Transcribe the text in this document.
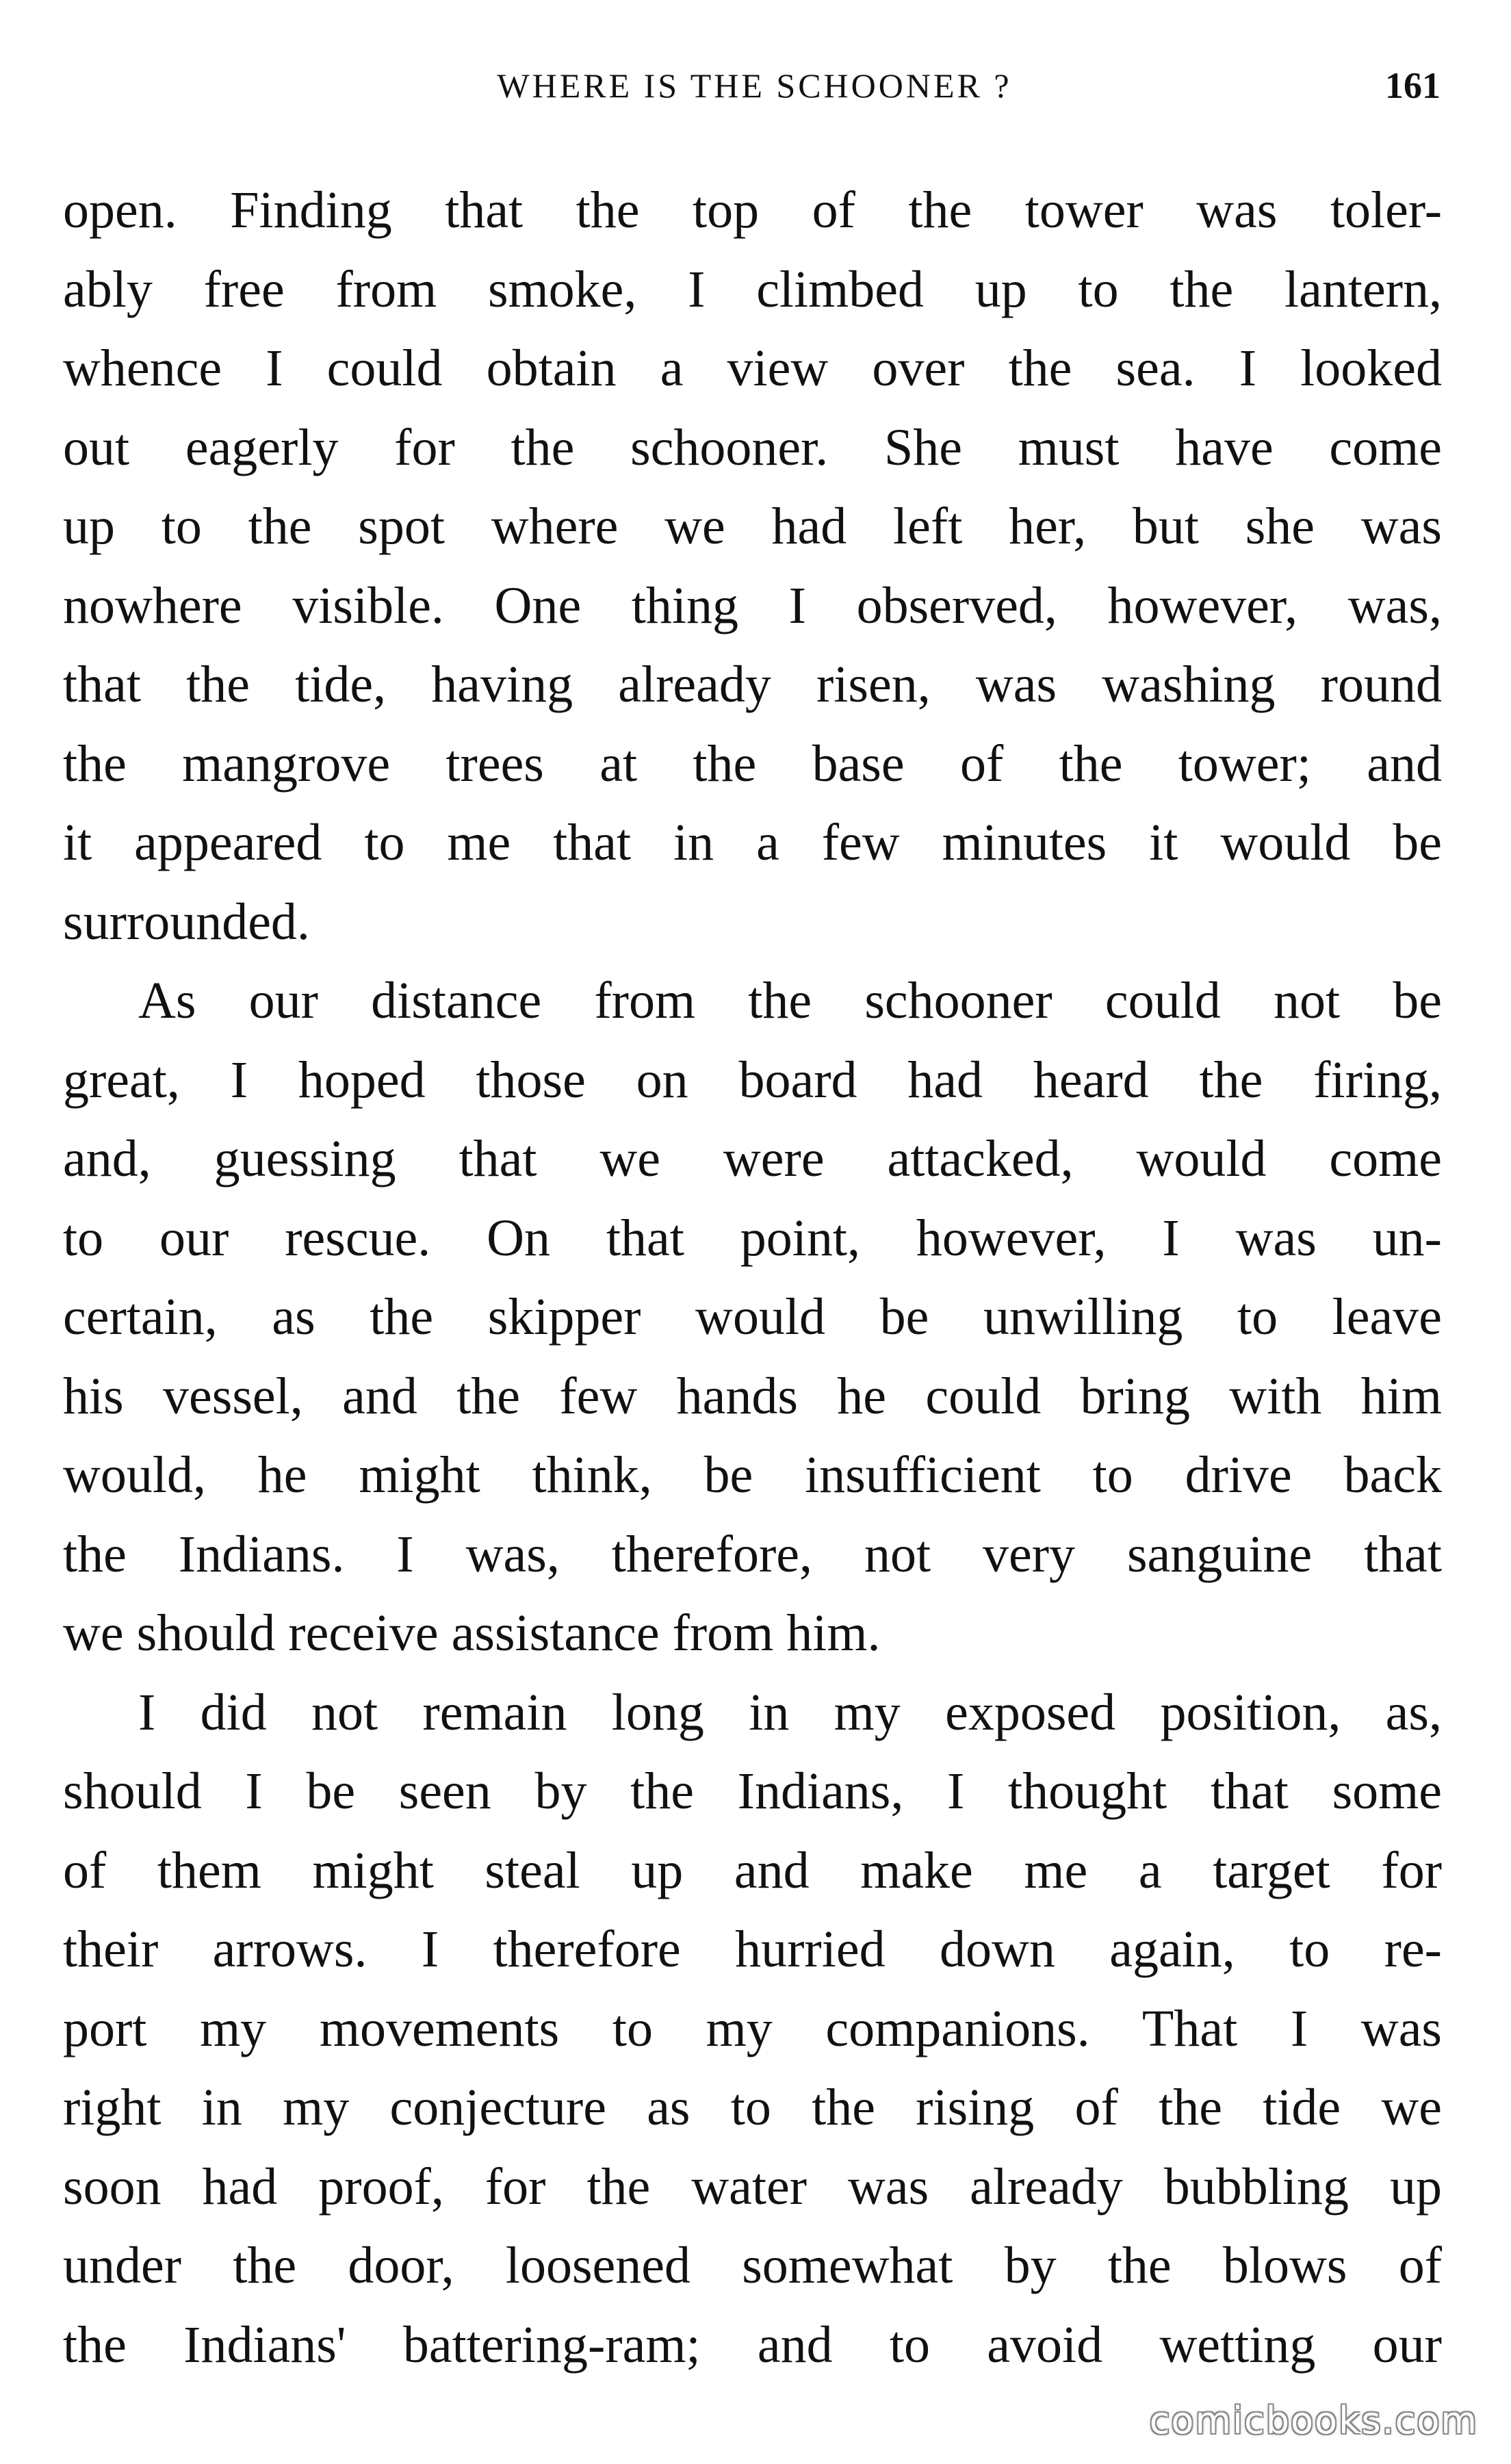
WHERE IS THE SCHOONER ?	161
open. Finding that the top of the tower was toler-
ably free from smoke, I climbed up to the lantern,
whence I could obtain a view over the sea. I looked
out eagerly for the schooner. She must have come
up to the spot where we had left her, but she was
nowhere visible. One thing I observed, however, was,
that the tide, having already risen, was washing round
the mangrove trees at the base of the tower; and
it appeared to me that in a few minutes it would be
surrounded.
As our distance from the schooner could not be
great, I hoped those on board had heard the firing,
and, guessing that we were attacked, would come
to our rescue. On that point, however, I was un-
certain, as the skipper would be unwilling to leave
his vessel, and the few hands he could bring with him
would, he might think, be insufficient to drive back
the Indians. I was, therefore, not very sanguine that
we should receive assistance from him.
I did not remain long in my exposed position, as,
should I be seen by the Indians, I thought that some
of them might steal up and make me a target for
their arrows. I therefore hurried down again, to re-
port my movements to my companions. That I was
right in my conjecture as to the rising of the tide we
soon had proof, for the water was already bubbling up
under the door, loosened somewhat by the blows of
the Indians' battering-ram; and to avoid wetting our
comicbooks.com
